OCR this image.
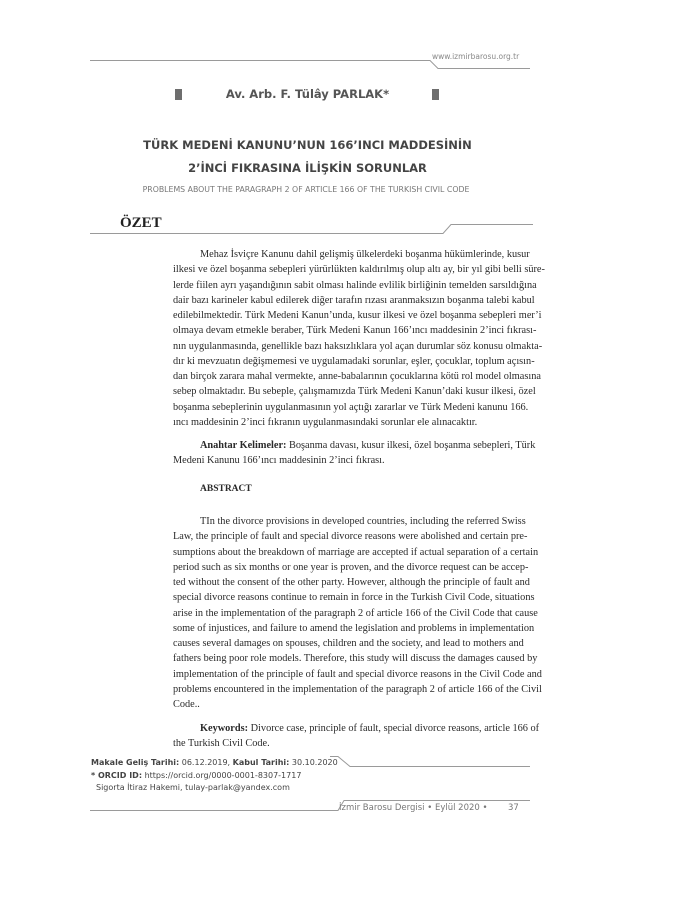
www.izmirbarosu.org.tr
Av. Arb. F. Tülây PARLAK*
TÜRK MEDENİ KANUNU’NUN 166’INCI MADDESİNİN
2’İNCİ FIKRASINA İLİŞKİN SORUNLAR
PROBLEMS ABOUT THE PARAGRAPH 2 OF ARTICLE 166 OF THE TURKISH CIVIL CODE
ÖZET
Mehaz İsviçre Kanunu dahil gelişmiş ülkelerdeki boşanma hükümlerinde, kusur
ilkesi ve özel boşanma sebepleri yürürlükten kaldırılmış olup altı ay, bir yıl gibi belli süre-
lerde fiilen ayrı yaşandığının sabit olması halinde evlilik birliğinin temelden sarsıldığına
dair bazı karineler kabul edilerek diğer tarafın rızası aranmaksızın boşanma talebi kabul
edilebilmektedir. Türk Medeni Kanun’unda, kusur ilkesi ve özel boşanma sebepleri mer’i
olmaya devam etmekle beraber, Türk Medeni Kanun 166’ıncı maddesinin 2’inci fıkrası-
nın uygulanmasında, genellikle bazı haksızlıklara yol açan durumlar söz konusu olmakta-
dır ki mevzuatın değişmemesi ve uygulamadaki sorunlar, eşler, çocuklar, toplum açısın-
dan birçok zarara mahal vermekte, anne-babalarının çocuklarına kötü rol model olmasına
sebep olmaktadır. Bu sebeple, çalışmamızda Türk Medeni Kanun’daki kusur ilkesi, özel
boşanma sebeplerinin uygulanmasının yol açtığı zararlar ve Türk Medeni kanunu 166.
ıncı maddesinin 2’inci fıkranın uygulanmasındaki sorunlar ele alınacaktır.
Anahtar Kelimeler: Boşanma davası, kusur ilkesi, özel boşanma sebepleri, Türk
Medeni Kanunu 166’ıncı maddesinin 2’inci fıkrası.
ABSTRACT
TIn the divorce provisions in developed countries, including the referred Swiss
Law, the principle of fault and special divorce reasons were abolished and certain pre-
sumptions about the breakdown of marriage are accepted if actual separation of a certain
period such as six months or one year is proven, and the divorce request can be accep-
ted without the consent of the other party. However, although the principle of fault and
special divorce reasons continue to remain in force in the Turkish Civil Code, situations
arise in the implementation of the paragraph 2 of article 166 of the Civil Code that cause
some of injustices, and failure to amend the legislation and problems in implementation
causes several damages on spouses, children and the society, and lead to mothers and
fathers being poor role models. Therefore, this study will discuss the damages caused by
implementation of the principle of fault and special divorce reasons in the Civil Code and
problems encountered in the implementation of the paragraph 2 of article 166 of the Civil
Code..
Keywords: Divorce case, principle of fault, special divorce reasons, article 166 of
the Turkish Civil Code.
Makale Geliş Tarihi: 06.12.2019, Kabul Tarihi: 30.10.2020
* ORCID ID: https://orcid.org/0000-0001-8307-1717
Sigorta İtiraz Hakemi, tulay-parlak@yandex.com
İzmir Barosu Dergisi • Eylül 2020 • 37
